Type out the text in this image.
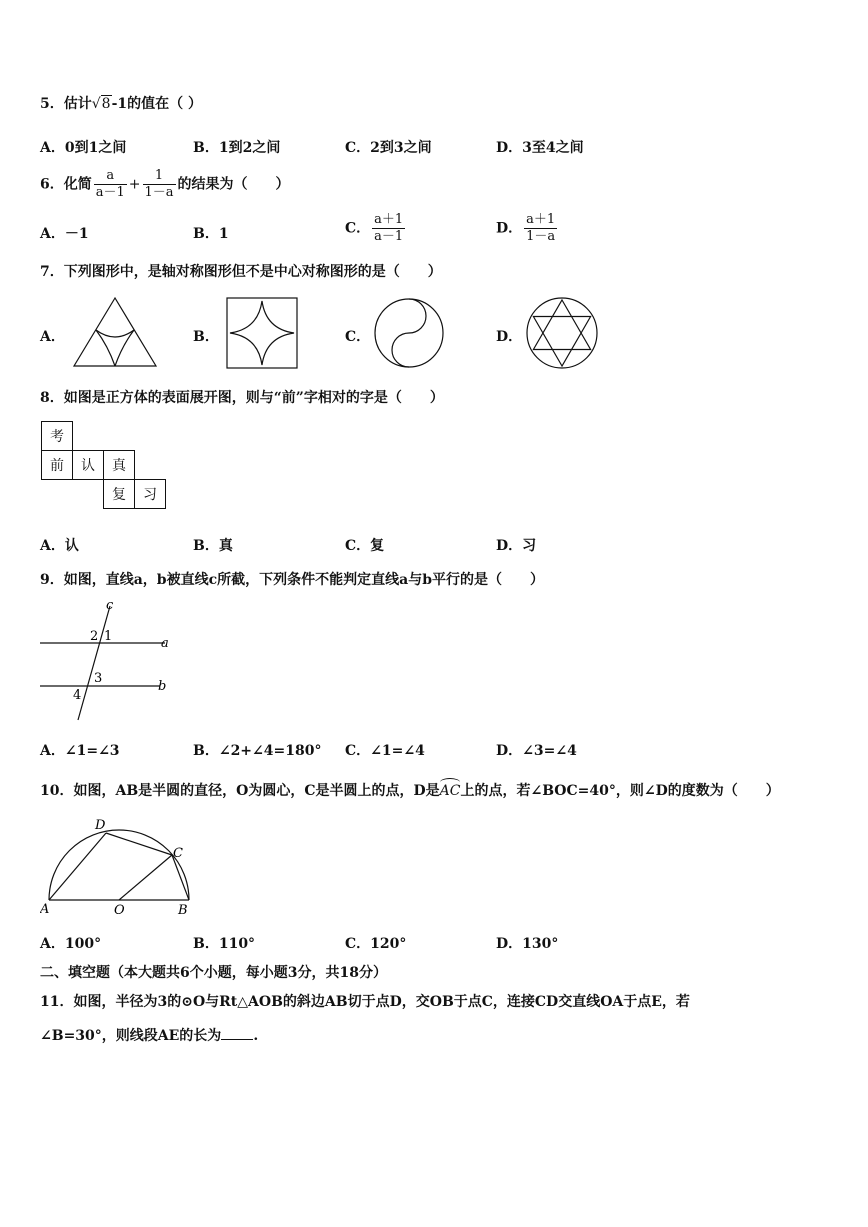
5．估计√8-1的值在（ ）
A．0到1之间	B．1到2之间	C．2到3之间	D．3至4之间
6．化简 $\frac{a}{a-1} + \frac{1}{1-a}$ 的结果为（　　）
A．－1	B．1	C． $\frac{a+1}{a-1}$	D． $\frac{a+1}{1-a}$
7．下列图形中，是轴对称图形但不是中心对称图形的是（　　）
A．	B．	C．	D．
8．如图是正方体的表面展开图，则与“前”字相对的字是（　　）
考			
前	认	真	
		复	习
A．认	B．真	C．复	D．习
9．如图，直线a，b被直线c所截，下列条件不能判定直线a与b平行的是（　　）
c
a
b
1
2
3
4
A．∠1=∠3	B．∠2+∠4=180° C．∠1=∠4	D．∠3=∠4
10．如图，AB是半圆的直径，O为圆心，C是半圆上的点，D是AC上的点，若∠BOC=40°，则∠D的度数为（　　）
A	O	B
C
D
A．100°	B．110°	C．120°	D．130°
二、填空题（本大题共6个小题，每小题3分，共18分）
11．如图，半径为3的⊙O与Rt△AOB的斜边AB切于点D，交OB于点C，连接CD交直线OA于点E，若
∠B=30°，则线段AE的长为 .
